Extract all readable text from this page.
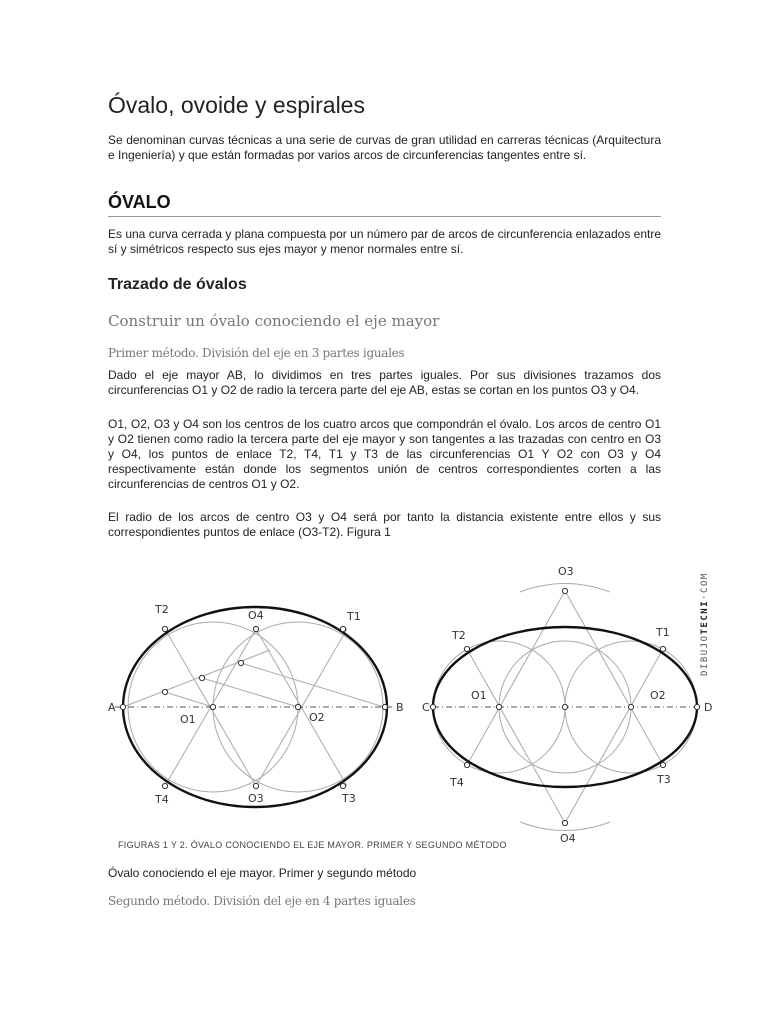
Óvalo, ovoide y espirales

Se denominan curvas técnicas a una serie de curvas de gran utilidad en carreras técnicas (Arquitectura e Ingeniería) y que están formadas por varios arcos de circunferencias tangentes entre sí.

ÓVALO

Es una curva cerrada y plana compuesta por un número par de arcos de circunferencia enlazados entre sí y simétricos respecto sus ejes mayor y menor normales entre sí.

Trazado de óvalos
Construir un óvalo conociendo el eje mayor
Primer método. División del eje en 3 partes iguales

Dado el eje mayor AB, lo dividimos en tres partes iguales. Por sus divisiones trazamos dos circunferencias O1 y O2 de radio la tercera parte del eje AB, estas se cortan en los puntos O3 y O4.

O1, O2, O3 y O4 son los centros de los cuatro arcos que compondrán el óvalo. Los arcos de centro O1 y O2 tienen como radio la tercera parte del eje mayor y son tangentes a las trazadas con centro en O3 y O4, los puntos de enlace T2, T4, T1 y T3 de las circunferencias O1 Y O2 con O3 y O4 respectivamente están donde los segmentos unión de centros correspondientes corten a las circunferencias de centros O1 y O2.

El radio de los arcos de centro O3 y O4 será por tanto la distancia existente entre ellos y sus correspondientes puntos de enlace (O3-T2). Figura 1

A	B
O1	O2
O4
O3
T2
T1
T4	T3
C	D
O1	O2
O3
O4
T2	T1
T4	T3
DIBUJOTECNI·COM
FIGURAS 1 Y 2. ÓVALO CONOCIENDO EL EJE MAYOR. PRIMER Y SEGUNDO MÉTODO
Óvalo conociendo el eje mayor. Primer y segundo método
Segundo método. División del eje en 4 partes iguales
